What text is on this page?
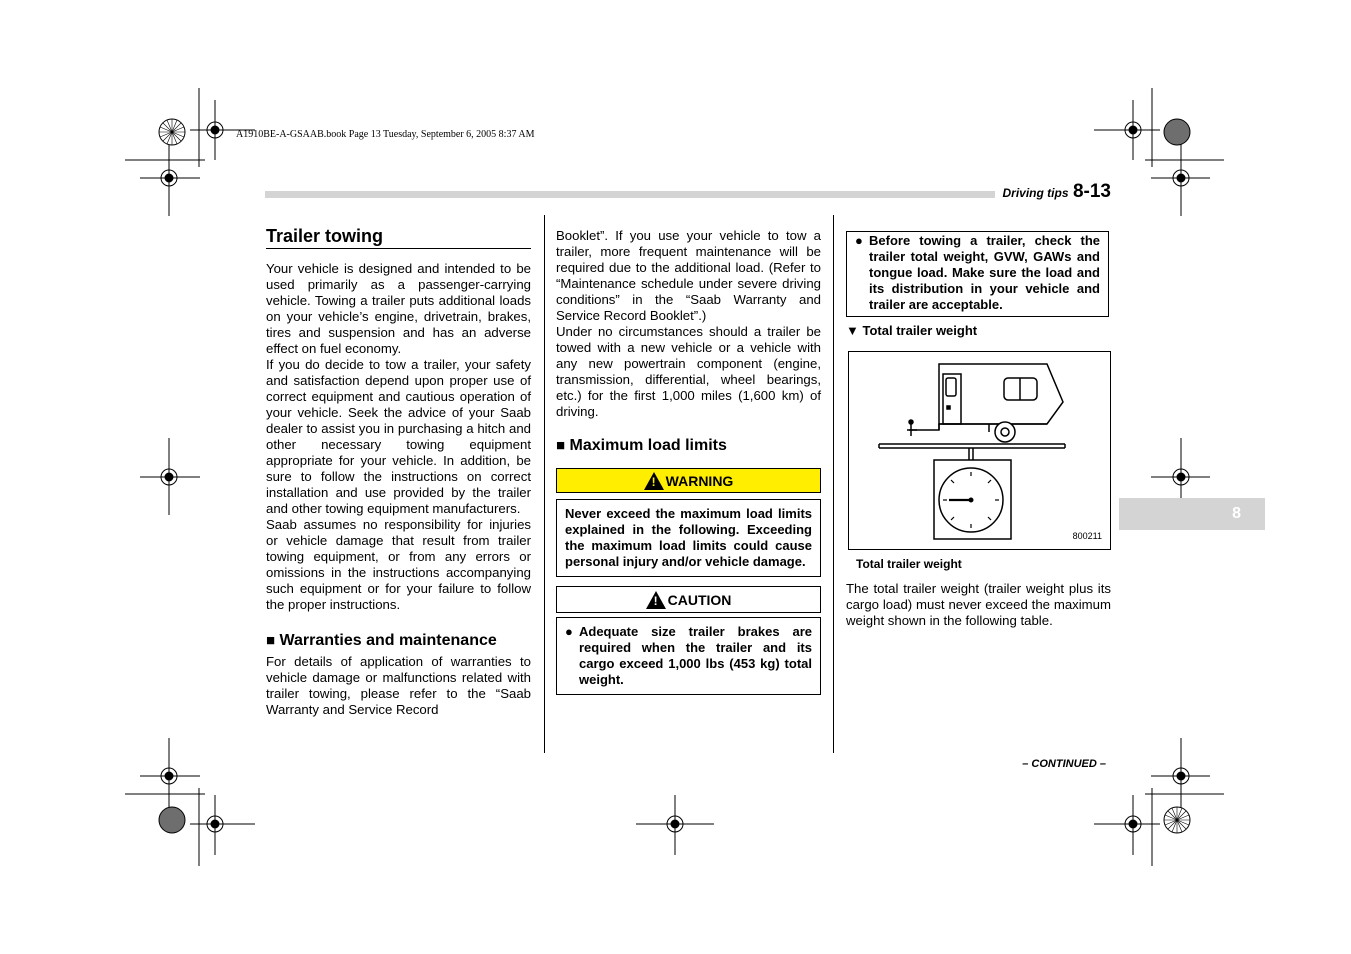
A1910BE-A-GSAAB.book Page 13 Tuesday, September 6, 2005 8:37 AM
Driving tips 8-13
8
Trailer towing

Your vehicle is designed and intended to be used primarily as a passenger-carrying vehicle. Towing a trailer puts additional loads on your vehicle’s engine, drivetrain, brakes, tires and suspension and has an adverse effect on fuel economy.

If you do decide to tow a trailer, your safety and satisfaction depend upon proper use of correct equipment and cautious operation of your vehicle. Seek the advice of your Saab dealer to assist you in purchasing a hitch and other necessary towing equipment appropriate for your vehicle. In addition, be sure to follow the instructions on correct installation and use provided by the trailer and other towing equipment manufacturers.

Saab assumes no responsibility for injuries or vehicle damage that result from trailer towing equipment, or from any errors or omissions in the instructions accompanying such equipment or for your failure to follow the proper instructions.

■ Warranties and maintenance

For details of application of warranties to vehicle damage or malfunctions related with trailer towing, please refer to the “Saab Warranty and Service Record

Booklet”. If you use your vehicle to tow a trailer, more frequent maintenance will be required due to the additional load. (Refer to “Maintenance schedule under severe driving conditions” in the “Saab Warranty and Service Record Booklet”.)

Under no circumstances should a trailer be towed with a new vehicle or a vehicle with any new powertrain component (engine, transmission, differential, wheel bearings, etc.) for the first 1,000 miles (1,600 km) of driving.

■ Maximum load limits
! WARNING
Never exceed the maximum load limits explained in the following. Exceeding the maximum load limits could cause personal injury and/or vehicle damage.
! CAUTION
● Adequate size trailer brakes are required when the trailer and its cargo exceed 1,000 lbs (453 kg) total weight.
● Before towing a trailer, check the trailer total weight, GVW, GAWs and tongue load. Make sure the load and its distribution in your vehicle and trailer are acceptable.
▼ Total trailer weight
800211
Total trailer weight

The total trailer weight (trailer weight plus its cargo load) must never exceed the maximum weight shown in the following table.

– CONTINUED –
